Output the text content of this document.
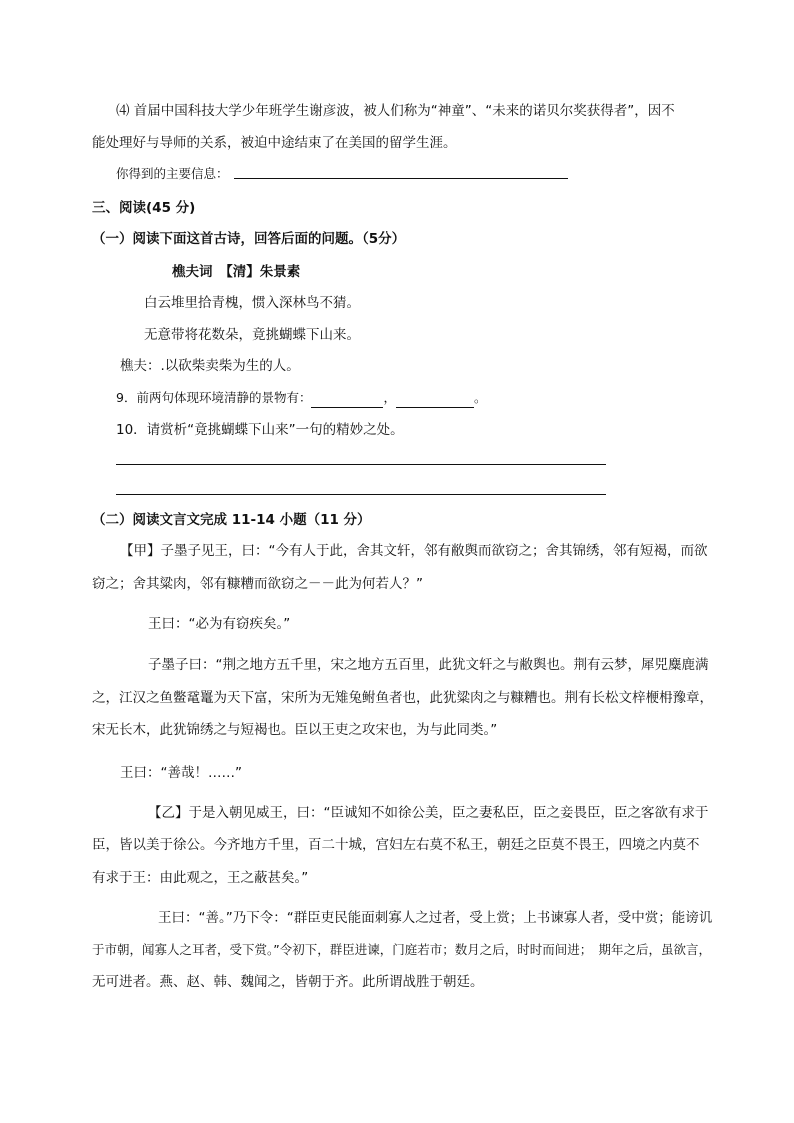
⑷ 首届中国科技大学少年班学生谢彦波，被人们称为“神童”、“未来的诺贝尔奖获得者”，因不
能处理好与导师的关系，被迫中途结束了在美国的留学生涯。
你得到的主要信息：
三、阅读(45 分)
（一）阅读下面这首古诗，回答后面的问题。（5分）
樵夫词　【清】朱景素
白云堆里拾青槐，惯入深林鸟不猜。
无意带将花数朵，竟挑蝴蝶下山来。
樵夫：.以砍柴卖柴为生的人。
9．前两句体现环境清静的景物有：	，	。
10．请赏析“竟挑蝴蝶下山来”一句的精妙之处。
（二）阅读文言文完成 11-14 小题（11 分）
【甲】子墨子见王，曰：“今有人于此，舍其文轩，邻有敝舆而欲窃之；舍其锦绣，邻有短褐，而欲
窃之；舍其粱肉，邻有糠糟而欲窃之－－此为何若人？”
王曰：“必为有窃疾矣。”
子墨子曰：“荆之地方五千里，宋之地方五百里，此犹文轩之与敝舆也。荆有云梦，犀兕麋鹿满
之，江汉之鱼鳖鼋鼍为天下富，宋所为无雉兔鲋鱼者也，此犹粱肉之与糠糟也。荆有长松文梓楩枏豫章，
宋无长木，此犹锦绣之与短褐也。臣以王吏之攻宋也，为与此同类。”
王曰：“善哉！……”
【乙】于是入朝见威王，曰：“臣诚知不如徐公美，臣之妻私臣，臣之妾畏臣，臣之客欲有求于
臣，皆以美于徐公。今齐地方千里，百二十城，宫妇左右莫不私王，朝廷之臣莫不畏王，四境之内莫不
有求于王：由此观之，王之蔽甚矣。”
王曰：“善。”乃下令：“群臣吏民能面刺寡人之过者，受上赏；上书谏寡人者，受中赏；能谤讥
于市朝，闻寡人之耳者，受下赏。”令初下，群臣进谏，门庭若市；数月之后，时时而间进；　期年之后，虽欲言，
无可进者。燕、赵、韩、魏闻之，皆朝于齐。此所谓战胜于朝廷。
